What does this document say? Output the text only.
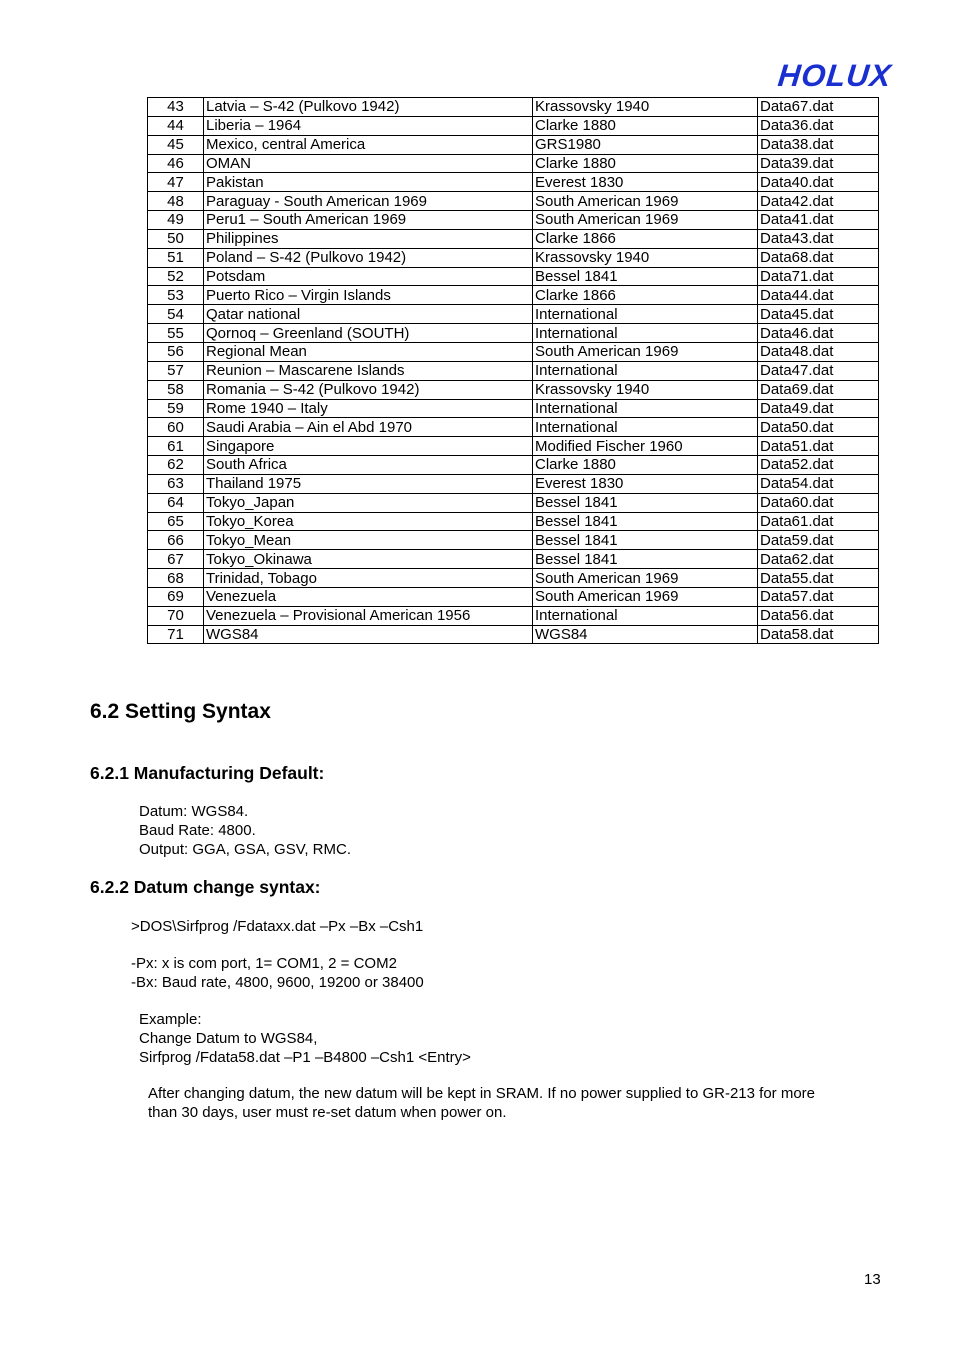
HOLUX
43	Latvia – S-42 (Pulkovo 1942)	Krassovsky 1940	Data67.dat
44	Liberia – 1964	Clarke 1880	Data36.dat
45	Mexico, central America	GRS1980	Data38.dat
46	OMAN	Clarke 1880	Data39.dat
47	Pakistan	Everest 1830	Data40.dat
48	Paraguay - South American 1969	South American 1969	Data42.dat
49	Peru1 – South American 1969	South American 1969	Data41.dat
50	Philippines	Clarke 1866	Data43.dat
51	Poland – S-42 (Pulkovo 1942)	Krassovsky 1940	Data68.dat
52	Potsdam	Bessel 1841	Data71.dat
53	Puerto Rico – Virgin Islands	Clarke 1866	Data44.dat
54	Qatar national	International	Data45.dat
55	Qornoq – Greenland (SOUTH)	International	Data46.dat
56	Regional Mean	South American 1969	Data48.dat
57	Reunion – Mascarene Islands	International	Data47.dat
58	Romania – S-42 (Pulkovo 1942)	Krassovsky 1940	Data69.dat
59	Rome 1940 – Italy	International	Data49.dat
60	Saudi Arabia – Ain el Abd 1970	International	Data50.dat
61	Singapore	Modified Fischer 1960	Data51.dat
62	South Africa	Clarke 1880	Data52.dat
63	Thailand 1975	Everest 1830	Data54.dat
64	Tokyo_Japan	Bessel 1841	Data60.dat
65	Tokyo_Korea	Bessel 1841	Data61.dat
66	Tokyo_Mean	Bessel 1841	Data59.dat
67	Tokyo_Okinawa	Bessel 1841	Data62.dat
68	Trinidad, Tobago	South American 1969	Data55.dat
69	Venezuela	South American 1969	Data57.dat
70	Venezuela – Provisional American 1956	International	Data56.dat
71	WGS84	WGS84	Data58.dat
6.2 Setting Syntax
6.2.1 Manufacturing Default:
Datum: WGS84.
Baud Rate: 4800.
Output: GGA, GSA, GSV, RMC.
6.2.2 Datum change syntax:
>DOS\Sirfprog /Fdataxx.dat –Px –Bx –Csh1
-Px: x is com port, 1= COM1, 2 = COM2
-Bx: Baud rate, 4800, 9600, 19200 or 38400
Example:
Change Datum to WGS84,
Sirfprog /Fdata58.dat –P1 –B4800 –Csh1 <Entry>
After changing datum, the new datum will be kept in SRAM. If no power supplied to GR-213 for more
than 30 days, user must re-set datum when power on.
13
